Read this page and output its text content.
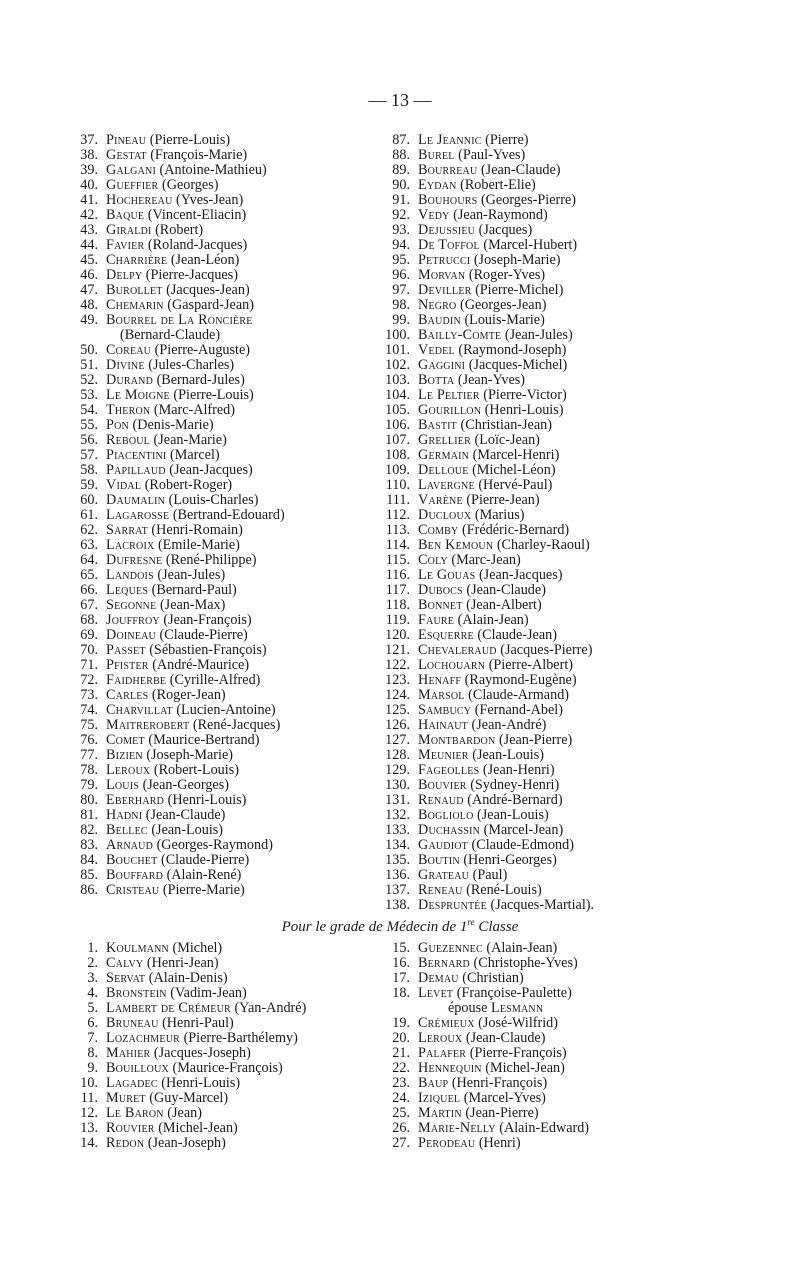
— 13 —
37. Pineau (Pierre-Louis)
38. Gestat (François-Marie)
39. Galgani (Antoine-Mathieu)
40. Gueffier (Georges)
41. Hochereau (Yves-Jean)
42. Baque (Vincent-Eliacin)
43. Giraldi (Robert)
44. Favier (Roland-Jacques)
45. Charrière (Jean-Léon)
46. Delpy (Pierre-Jacques)
47. Burollet (Jacques-Jean)
48. Chemarin (Gaspard-Jean)
49. Bourrel de La Roncière
(Bernard-Claude)
50. Coreau (Pierre-Auguste)
51. Divine (Jules-Charles)
52. Durand (Bernard-Jules)
53. Le Moigne (Pierre-Louis)
54. Theron (Marc-Alfred)
55. Pon (Denis-Marie)
56. Reboul (Jean-Marie)
57. Piacentini (Marcel)
58. Papillaud (Jean-Jacques)
59. Vidal (Robert-Roger)
60. Daumalin (Louis-Charles)
61. Lagarosse (Bertrand-Edouard)
62. Sarrat (Henri-Romain)
63. Lacroix (Emile-Marie)
64. Dufresne (René-Philippe)
65. Landois (Jean-Jules)
66. Leques (Bernard-Paul)
67. Segonne (Jean-Max)
68. Jouffroy (Jean-François)
69. Doineau (Claude-Pierre)
70. Passet (Sébastien-François)
71. Pfister (André-Maurice)
72. Faidherbe (Cyrille-Alfred)
73. Carles (Roger-Jean)
74. Charvillat (Lucien-Antoine)
75. Maitrerobert (René-Jacques)
76. Comet (Maurice-Bertrand)
77. Bizien (Joseph-Marie)
78. Leroux (Robert-Louis)
79. Louis (Jean-Georges)
80. Eberhard (Henri-Louis)
81. Hadni (Jean-Claude)
82. Bellec (Jean-Louis)
83. Arnaud (Georges-Raymond)
84. Bouchet (Claude-Pierre)
85. Bouffard (Alain-René)
86. Cristeau (Pierre-Marie)
87. Le Jeannic (Pierre)
88. Burel (Paul-Yves)
89. Bourreau (Jean-Claude)
90. Eydan (Robert-Elie)
91. Bouhours (Georges-Pierre)
92. Vedy (Jean-Raymond)
93. Dejussieu (Jacques)
94. De Toffol (Marcel-Hubert)
95. Petrucci (Joseph-Marie)
96. Morvan (Roger-Yves)
97. Deviller (Pierre-Michel)
98. Negro (Georges-Jean)
99. Baudin (Louis-Marie)
100. Bailly-Comte (Jean-Jules)
101. Vedel (Raymond-Joseph)
102. Gaggini (Jacques-Michel)
103. Botta (Jean-Yves)
104. Le Peltier (Pierre-Victor)
105. Gourillon (Henri-Louis)
106. Bastit (Christian-Jean)
107. Grellier (Loïc-Jean)
108. Germain (Marcel-Henri)
109. Delloue (Michel-Léon)
110. Lavergne (Hervé-Paul)
111. Varène (Pierre-Jean)
112. Ducloux (Marius)
113. Comby (Frédéric-Bernard)
114. Ben Kemoun (Charley-Raoul)
115. Coly (Marc-Jean)
116. Le Gouas (Jean-Jacques)
117. Dubocs (Jean-Claude)
118. Bonnet (Jean-Albert)
119. Faure (Alain-Jean)
120. Esquerre (Claude-Jean)
121. Chevaleraud (Jacques-Pierre)
122. Lochouarn (Pierre-Albert)
123. Henaff (Raymond-Eugène)
124. Marsol (Claude-Armand)
125. Sambucy (Fernand-Abel)
126. Hainaut (Jean-André)
127. Montbardon (Jean-Pierre)
128. Meunier (Jean-Louis)
129. Fageolles (Jean-Henri)
130. Bouvier (Sydney-Henri)
131. Renaud (André-Bernard)
132. Bogliolo (Jean-Louis)
133. Duchassin (Marcel-Jean)
134. Gaudiot (Claude-Edmond)
135. Boutin (Henri-Georges)
136. Grateau (Paul)
137. Reneau (René-Louis)
138. Despruntée (Jacques-Martial).
Pour le grade de Médecin de 1re Classe
1. Koulmann (Michel)
2. Calvy (Henri-Jean)
3. Servat (Alain-Denis)
4. Bronstein (Vadim-Jean)
5. Lambert de Crémeur (Yan-André)
6. Bruneau (Henri-Paul)
7. Lozachmeur (Pierre-Barthélemy)
8. Mahier (Jacques-Joseph)
9. Bouilloux (Maurice-François)
10. Lagadec (Henri-Louis)
11. Muret (Guy-Marcel)
12. Le Baron (Jean)
13. Rouvier (Michel-Jean)
14. Redon (Jean-Joseph)
15. Guezennec (Alain-Jean)
16. Bernard (Christophe-Yves)
17. Demau (Christian)
18. Levet (Françoise-Paulette)
épouse Lesmann
19. Crémieux (José-Wilfrid)
20. Leroux (Jean-Claude)
21. Palafer (Pierre-François)
22. Hennequin (Michel-Jean)
23. Baup (Henri-François)
24. Iziquel (Marcel-Yves)
25. Martin (Jean-Pierre)
26. Marie-Nelly (Alain-Edward)
27. Perodeau (Henri)
